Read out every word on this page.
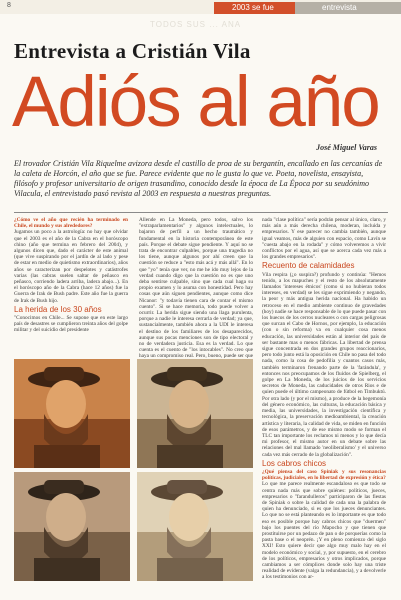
8	2003 se fue	entrevista
TODOS SUS ... ANA
Entrevista a Cristián Vila
Adiós al año
José Miguel Varas
El trovador Cristián Vila Riquelme avizora desde el castillo de proa de su bergantín, encallado en las cercanías de la caleta de Horcón, el año que se fue. Parece evidente que no le gusta lo que ve. Poeta, novelista, ensayista, filósofo y profesor universitario de origen trasandino, conocido desde la época de La Época por su seudónimo Vilacula, el entrevistado pasó revista al 2003 en respuesta a nuestras preguntas.
¿Cómo ve el año que recién ha terminado en Chile, el mundo y sus alrededores?
Jugamos un poco a la astrología: no hay que olvidar que el 2003 es el año de la Cabra en el horóscopo chino (año que termina en febrero del 2004), y algunos dicen que, dado el carácter de este animal (que vive suspirando por el jardín de al lado y pese de estar en medio de quietismo extraordinarios), años años se caracterizan por despelotes y catástrofes varias (las cabras suelen saltar de peñasco en peñasco, corriendo ladera arriba, ladera abajo...). En el horóscopo año de la Cabra (hace 12 años) fue la Guerra de Irak de Bush padre. Este año fue la guerra de Irak de Bush hijo.
La herida de los 30 años
"Conocimos en Chile... Se supone que en este largo país de desastres se cumplieron treinta años del golpe militar y del suicidio del presidente
Allende en La Moneda, pero todos, salvo los "extraparlamentarios" y algunos intelectuales, lo bajaron de perfil a un hecho traumático y fundamental en la historia contemporánea de este país. Porque el debate sigue pendiente. Y aquí no se trata de encontrar culpables, porque una tragedia no los tiene, aunque algunos por ahí creen que la cuestión se reduce a "esto más acá y más allá". En lo que "yo" tenía que ver, no me he ido muy lejos de la verdad cuando digo que la cuestión no es que uno deba sentirse culpable, sino que cada cual haga su propio examen y lo asuma con honestidad. Pero hay cosas que aún siguen pendientes, aunque como dice Nicanor: "y todavía tienen cara de contar el mismo cuento". Si se hace memoria, todo puede volver a ocurrir. La herida sigue siendo una llaga purulenta, porque a nadie le interesa cerrarla de verdad; ya que, sustancialmente, también ahora a la UDI le interesa el destino de los familiares de los desaparecidos, aunque sus pocas menciones son de tipo electoral y no de verdadera justicia. Esa es la verdad. Lo que cuenta es el cuento de "los intocables". No creo que haya un compromiso real. Pero, bueno, puede ser que
nada "clase política" sería podrán pensar al único, claro, y más aún a más derecha chilena, moderan, incluida y empresarios. Y ese parecer no cambia también, aunque igual veamos, más de alguien con espacio, como Lavín se "cuesta abajo en la rodada" y cómo volveremos a vivir conflictos por el agua, así que se acerca cada vez más a los grandes empresarios".
Recuento de calamidades
Vila respira (¿o suspira?) profundo y continúa: "Hemos tenido, a los mapuches y el resto de los absolutamente llamados 'intereses étnicos' (como si no hubieran todos intereses, en verdad) se les sigue exprimiendo y negando, la peor y más antigua herida nacional. Ha habido un retroceso en el medio ambiente continuo de gravedades (hoy) nadie se hace responsable de lo que puede pasar con los huecos de los cerros nucleares o con cargas peligrosas que surcan el Cabo de Hornos, por ejemplo, la educación (con o sin reforma) va en cualquier cosa menos educación, las universidades están al interior del país de ser bastante mas o menos fábricas. La libertad de prensa sigue concentrada en dos grandes grupos reaccionarios, pero todo junto está la oposición en Chile no pasa del todo nada, como la cosa de pedofilia y cuantos casos más, también terminaron frenando parte de la 'farándula', y entonces nos preocupamos de los fluidos de Spielberg, el golpe en La Moneda, de los juicios de los servicios secretos de Moneda, las caducidades de otros Rios e de quien puede el último campeonato de fútbol en Timbuktú. Por otra lado (y por el mismo), a produce de la hegemonía del género económico, las culturas, la educación básica y media, las universidades, la investigación científica y tecnológica, la preservación medioambiental, la creación artística y literaria, la calidad de vida, se miden en función de esos parámetros, y de ese mismo modo se forman el TLC tan importante los reclamos ni menos y lo que decía mi profesor, el mismo autor en un debate sobre las relaciones del mal llamado 'neoliberalismo' y el universo cada vez más cerrado de la globalización".
Los cabros chicos
¿Qué piensa del caso Spiniak y sus resonancias políticas, judiciales, en lo libertad de expresión y ética?
Lo que me parece realmente escandaloso es que todo se centra nada más que sobre quiénes: políticos, jueces, empresarios o "farandulleros" participaron de las fiestas de Spiniak o sobre la calidad de cada una la palabra de quien ha denunciado, si es que los jueces denunciantes. Lo que no se está planteando es lo importante es que todo eso es posible porque hay cabros chicos que "duermen" bajo los puentes del río Mapocho y que tienen que prostituirse por un pedazo de pan o de porquerías como la pasta base o el neoprén. ¡Y en pleno comienzo del siglo XXI! Esto quiere decir que algo muy malo hay en el modelo económico y social, y, por supuesto, en el cerebro de los políticos, empresarios y otros implicados, porque cambiamos a ser cómplices donde solo hay una triste realidad de evidente (valga la redundancia), y a devolverle a los testimonios con ar-
